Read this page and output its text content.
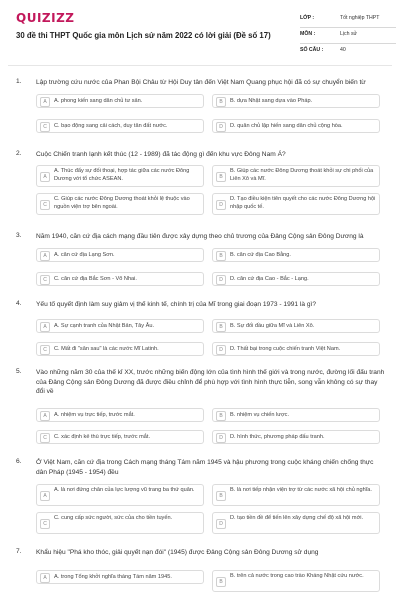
QUIZIZZ
30 đề thi THPT Quốc gia môn Lịch sử năm 2022 có lời giải (Đề số 17)
LỚP :	Tốt nghiệp THPT
MÔN :	Lịch sử
SỐ CÂU :	40
1. Lập trường cứu nước của Phan Bội Châu từ Hội Duy tân đến Việt Nam Quang phục hội đã có sự chuyển biến từ
A	A. phong kiến sang dân chủ tư sản.	B	B. dựa Nhật sang dựa vào Pháp.
C	C. bạo động sang cải cách, duy tân đất nước.	D	D. quân chủ lập hiến sang dân chủ cộng hòa.
2. Cuộc Chiến tranh lạnh kết thúc (12 - 1989) đã tác động gì đến khu vực Đông Nam Á?
A
A. Thúc đẩy sự đối thoại, hợp tác giữa các nước Đông Dương với tổ chức ASEAN.	B
B. Giúp các nước Đông Dương thoát khỏi sự chi phối của Liên Xô và Mĩ.
C
C. Giúp các nước Đông Dương thoát khỏi lệ thuộc vào nguồn viện trợ bên ngoài.	D
D. Tạo điều kiện tiên quyết cho các nước Đông Dương hội nhập quốc tế.
3. Năm 1940, căn cứ địa cách mạng đầu tiên được xây dựng theo chủ trương của Đảng Cộng sản Đông Dương là
A	A. căn cứ địa Lạng Sơn.	B	B. căn cứ địa Cao Bằng.
C	C. căn cứ địa Bắc Sơn - Võ Nhai.	D	D. căn cứ địa Cao - Bắc - Lạng.
4. Yếu tố quyết định làm suy giảm vị thế kinh tế, chính trị của Mĩ trong giai đoạn 1973 - 1991 là gì?
A	A. Sự cạnh tranh của Nhật Bản, Tây Âu.	B	B. Sự đối đầu giữa Mĩ và Liên Xô.
C	C. Mất đi "sân sau" là các nước Mĩ Latinh.	D	D. Thất bại trong cuộc chiến tranh Việt Nam.
5. Vào những năm 30 của thế kỉ XX, trước những biến động lớn của tình hình thế giới và trong nước, đường lối đấu tranh của Đảng Cộng sản Đông Dương đã được điều chỉnh để phù hợp với tình hình thực tiễn, song vẫn không có sự thay đổi về
A	A. nhiệm vụ trực tiếp, trước mắt.	B	B. nhiệm vụ chiến lược.
C	C. xác định kẻ thù trực tiếp, trước mắt.	D	D. hình thức, phương pháp đấu tranh.
6. Ở Việt Nam, căn cứ địa trong Cách mạng tháng Tám năm 1945 và hậu phương trong cuộc kháng chiến chống thực dân Pháp (1945 - 1954) đều
A
A. là nơi đứng chân của lực lượng vũ trang ba thứ quân.
B
B. là nơi tiếp nhận viện trợ từ các nước xã hội chủ nghĩa.
C
C. cung cấp sức người, sức của cho tiền tuyến.
D
D. tạo tiền đề để tiến lên xây dựng chế độ xã hội mới.
7. Khẩu hiệu "Phá kho thóc, giải quyết nạn đói" (1945) được Đảng Cộng sản Đông Dương sử dụng
A	A. trong Tổng khởi nghĩa tháng Tám năm 1945.
B
B. trên cả nước trong cao trào Kháng Nhật cứu nước.
